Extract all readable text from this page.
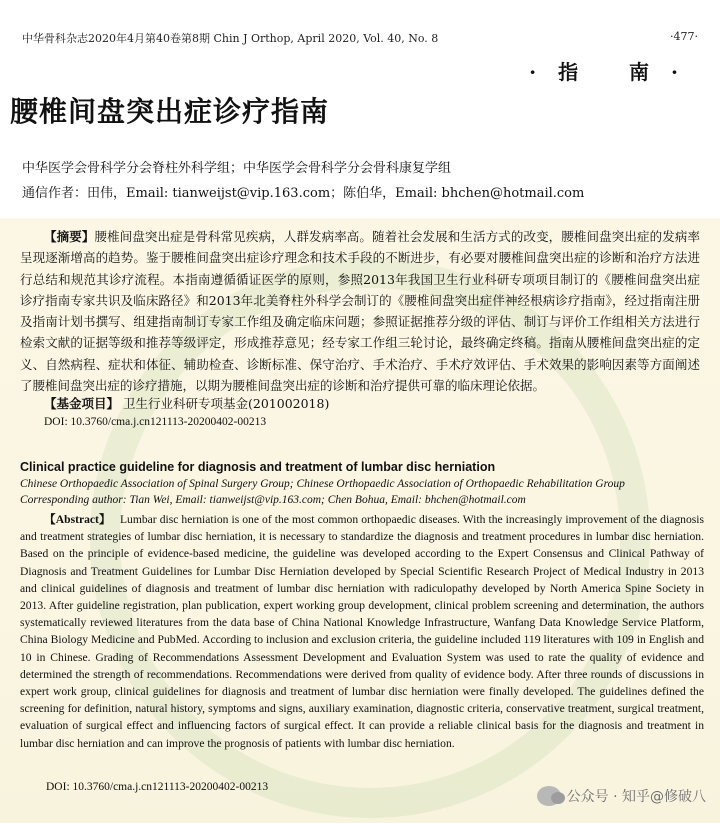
中华骨科杂志2020年4月第40卷第8期 Chin J Orthop, April 2020, Vol. 40, No. 8	·477·
·指 南·
腰椎间盘突出症诊疗指南
中华医学会骨科学分会脊柱外科学组；中华医学会骨科学分会骨科康复学组
通信作者：田伟，Email: tianweijst@vip.163.com；陈伯华，Email: bhchen@hotmail.com
【摘要】腰椎间盘突出症是骨科常见疾病，人群发病率高。随着社会发展和生活方式的改变，腰椎间盘突出症的发病率呈现逐渐增高的趋势。鉴于腰椎间盘突出症诊疗理念和技术手段的不断进步，有必要对腰椎间盘突出症的诊断和治疗方法进行总结和规范其诊疗流程。本指南遵循循证医学的原则，参照2013年我国卫生行业科研专项项目制订的《腰椎间盘突出症诊疗指南专家共识及临床路径》和2013年北美脊柱外科学会制订的《腰椎间盘突出症伴神经根病诊疗指南》，经过指南注册及指南计划书撰写、组建指南制订专家工作组及确定临床问题；参照证据推荐分级的评估、制订与评价工作组相关方法进行检索文献的证据等级和推荐等级评定，形成推荐意见；经专家工作组三轮讨论，最终确定终稿。指南从腰椎间盘突出症的定义、自然病程、症状和体征、辅助检查、诊断标准、保守治疗、手术治疗、手术疗效评估、手术效果的影响因素等方面阐述了腰椎间盘突出症的诊疗措施，以期为腰椎间盘突出症的诊断和治疗提供可靠的临床理论依据。
【基金项目】 卫生行业科研专项基金(201002018)
DOI: 10.3760/cma.j.cn121113-20200402-00213
Clinical practice guideline for diagnosis and treatment of lumbar disc herniation
Chinese Orthopaedic Association of Spinal Surgery Group; Chinese Orthopaedic Association of Orthopaedic Rehabilitation Group
Corresponding author: Tian Wei, Email: tianweijst@vip.163.com; Chen Bohua, Email: bhchen@hotmail.com
【Abstract】 Lumbar disc herniation is one of the most common orthopaedic diseases. With the increasingly improvement of the diagnosis and treatment strategies of lumbar disc herniation, it is necessary to standardize the diagnosis and treatment procedures in lumbar disc herniation. Based on the principle of evidence-based medicine, the guideline was developed according to the Expert Consensus and Clinical Pathway of Diagnosis and Treatment Guidelines for Lumbar Disc Herniation developed by Special Scientific Research Project of Medical Industry in 2013 and clinical guidelines of diagnosis and treatment of lumbar disc herniation with radiculopathy developed by North America Spine Society in 2013. After guideline registration, plan publication, expert working group development, clinical problem screening and determination, the authors systematically reviewed literatures from the data base of China National Knowledge Infrastructure, Wanfang Data Knowledge Service Platform, China Biology Medicine and PubMed. According to inclusion and exclusion criteria, the guideline included 119 literatures with 109 in English and 10 in Chinese. Grading of Recommendations Assessment Development and Evaluation System was used to rate the quality of evidence and determined the strength of recommendations. Recommendations were derived from quality of evidence body. After three rounds of discussions in expert work group, clinical guidelines for diagnosis and treatment of lumbar disc herniation were finally developed. The guidelines defined the screening for definition, natural history, symptoms and signs, auxiliary examination, diagnostic criteria, conservative treatment, surgical treatment, evaluation of surgical effect and influencing factors of surgical effect. It can provide a reliable clinical basis for the diagnosis and treatment in lumbar disc herniation and can improve the prognosis of patients with lumbar disc herniation.
DOI: 10.3760/cma.j.cn121113-20200402-00213
公众号 · 知乎@修破八
